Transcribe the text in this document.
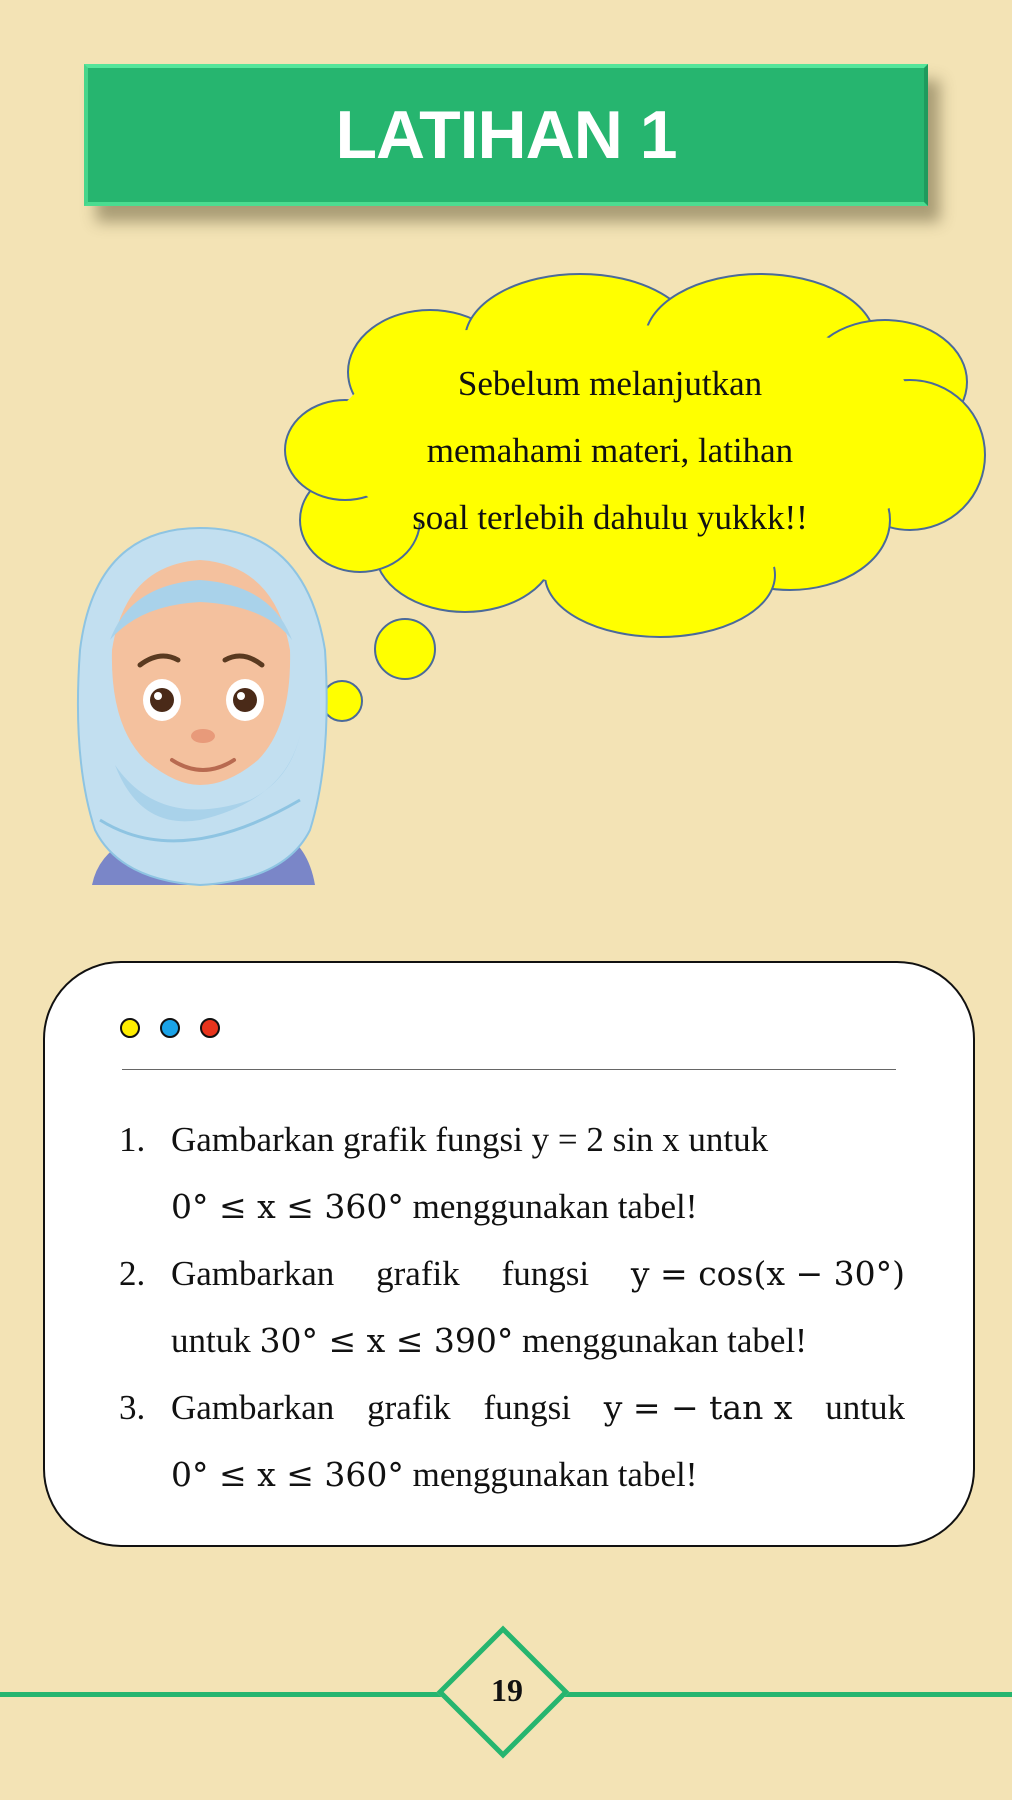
LATIHAN 1
Sebelum melanjutkan
memahami materi, latihan
soal terlebih dahulu yukkk!!
1. Gambarkan grafik fungsi y = 2 sin x untuk
0° ≤ x ≤ 360° menggunakan tabel!
2. Gambarkan grafik fungsi y = cos(x − 30°)
untuk 30° ≤ x ≤ 390° menggunakan tabel!
3. Gambarkan grafik fungsi y = − tan x untuk
0° ≤ x ≤ 360° menggunakan tabel!
19
